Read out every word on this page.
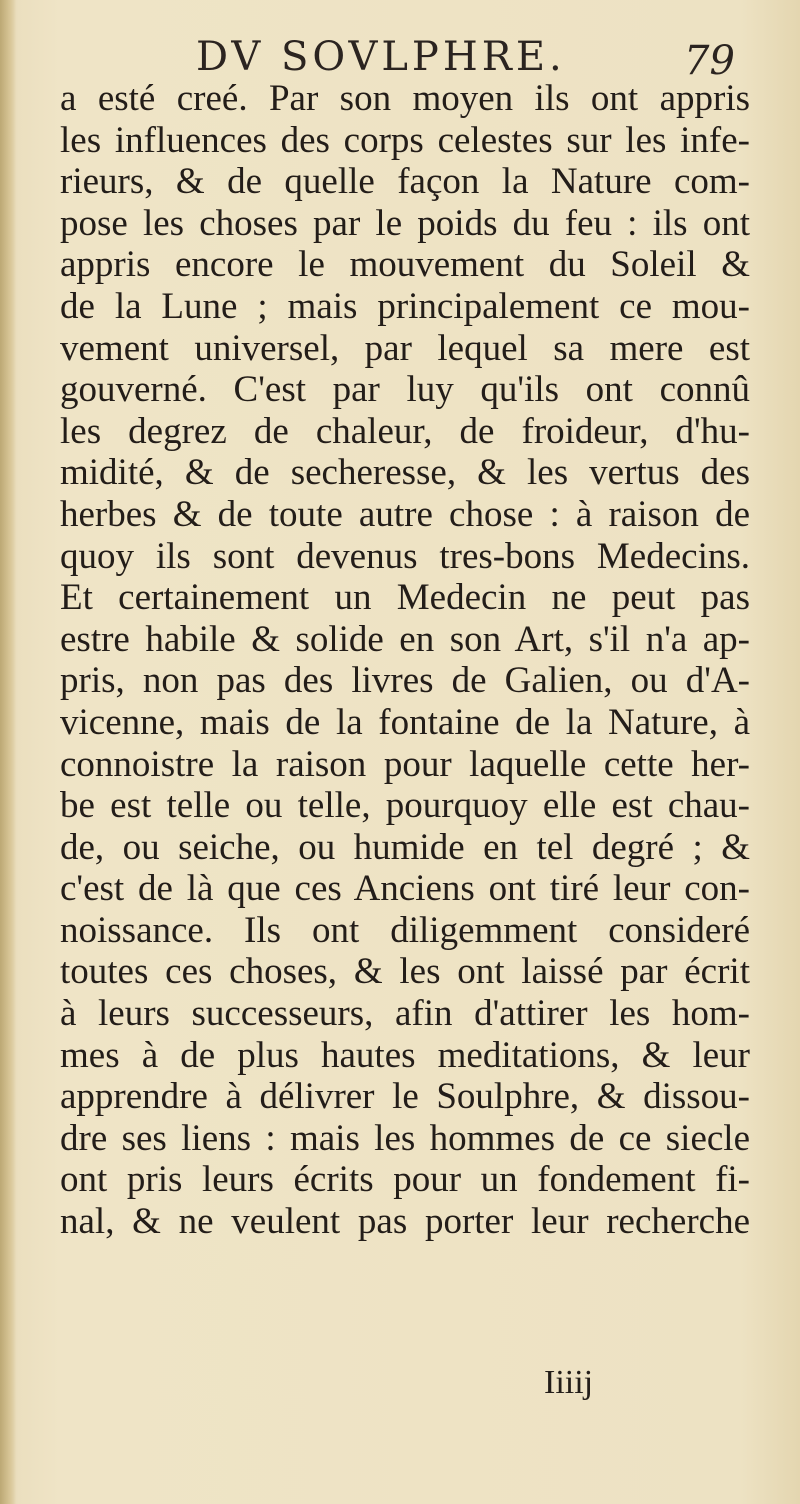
DV SOVLPHRE.	79
a esté creé. Par son moyen ils ont appris
les influences des corps celestes sur les infe-
rieurs, & de quelle façon la Nature com-
pose les choses par le poids du feu : ils ont
appris encore le mouvement du Soleil &
de la Lune ; mais principalement ce mou-
vement universel, par lequel sa mere est
gouverné. C'est par luy qu'ils ont connû
les degrez de chaleur, de froideur, d'hu-
midité, & de secheresse, & les vertus des
herbes & de toute autre chose : à raison de
quoy ils sont devenus tres-bons Medecins.
Et certainement un Medecin ne peut pas
estre habile & solide en son Art, s'il n'a ap-
pris, non pas des livres de Galien, ou d'A-
vicenne, mais de la fontaine de la Nature, à
connoistre la raison pour laquelle cette her-
be est telle ou telle, pourquoy elle est chau-
de, ou seiche, ou humide en tel degré ; &
c'est de là que ces Anciens ont tiré leur con-
noissance. Ils ont diligemment consideré
toutes ces choses, & les ont laissé par écrit
à leurs successeurs, afin d'attirer les hom-
mes à de plus hautes meditations, & leur
apprendre à délivrer le Soulphre, & dissou-
dre ses liens : mais les hommes de ce siecle
ont pris leurs écrits pour un fondement fi-
nal, & ne veulent pas porter leur recherche
Iiiij
